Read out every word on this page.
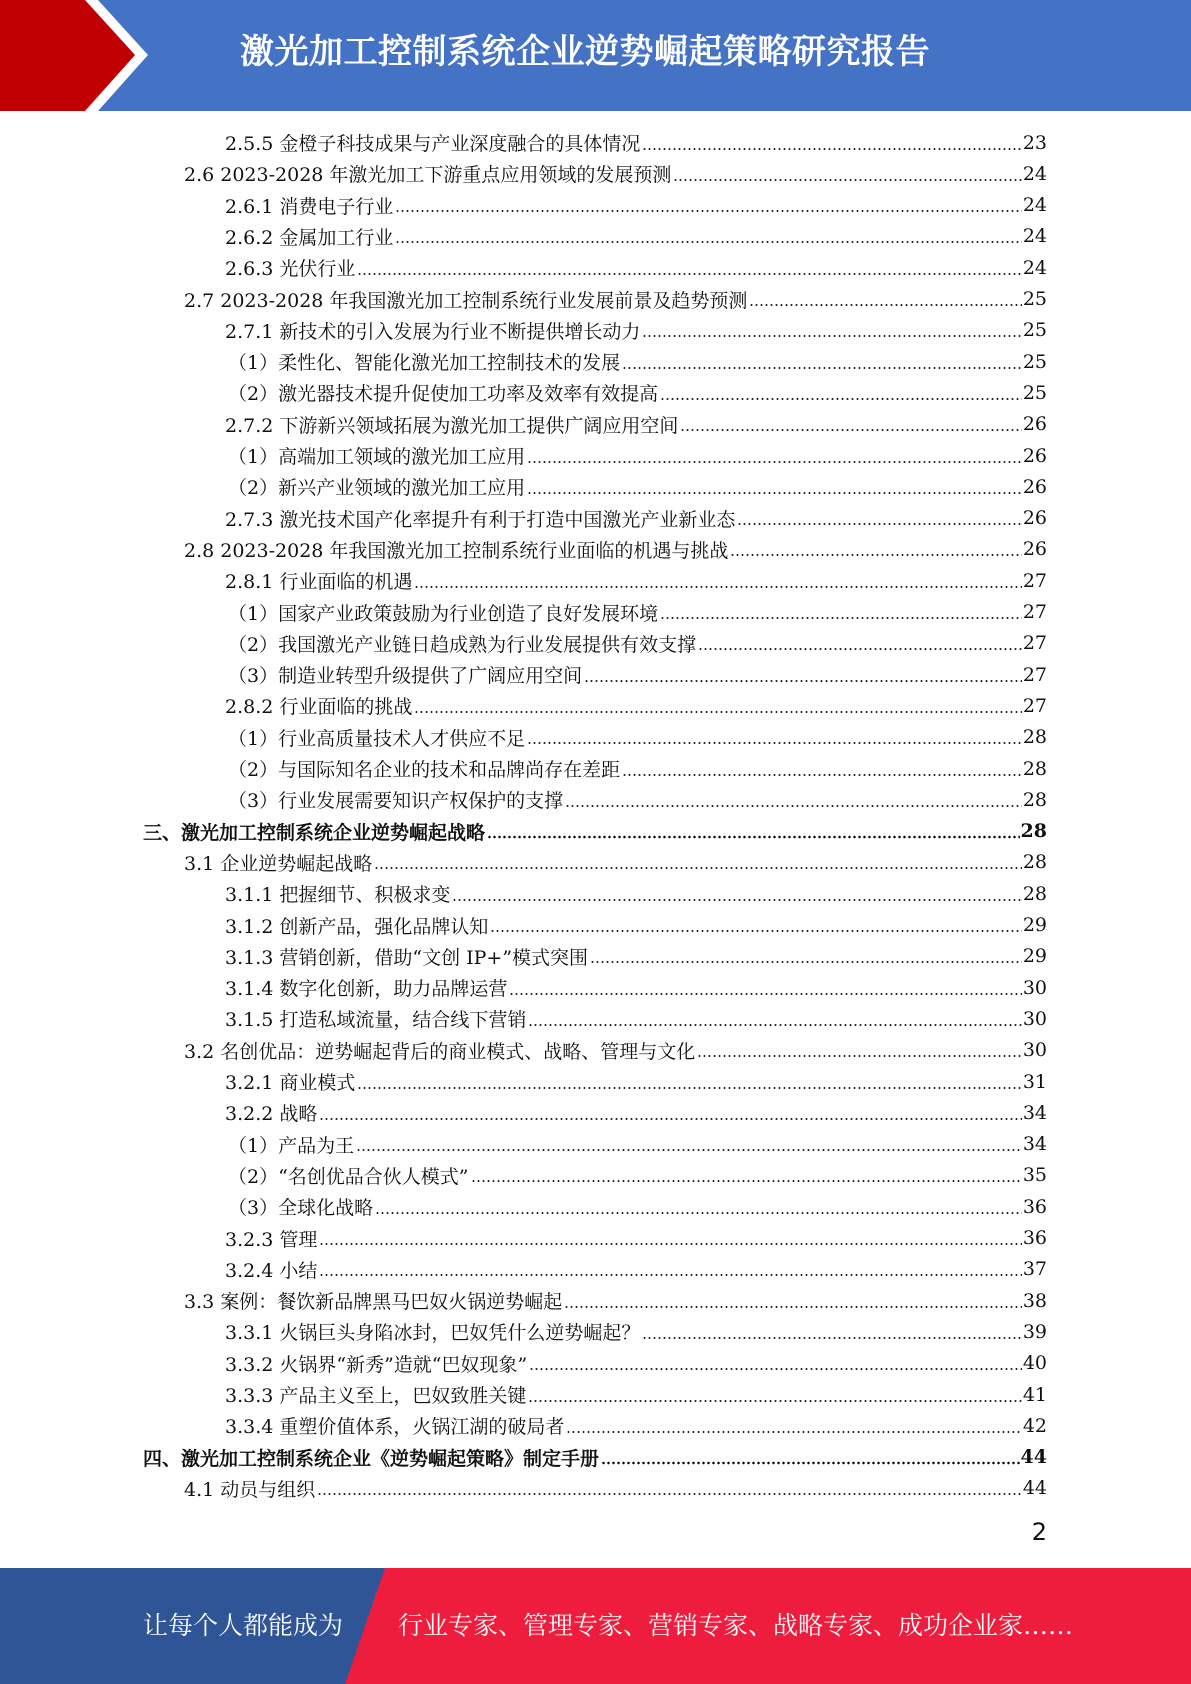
激光加工控制系统企业逆势崛起策略研究报告
2.5.5 金橙子科技成果与产业深度融合的具体情况	23
2.6 2023-2028 年激光加工下游重点应用领域的发展预测	24
2.6.1 消费电子行业	24
2.6.2 金属加工行业	24
2.6.3 光伏行业	24
2.7 2023-2028 年我国激光加工控制系统行业发展前景及趋势预测	25
2.7.1 新技术的引入发展为行业不断提供增长动力	25
（1）柔性化、智能化激光加工控制技术的发展	25
（2）激光器技术提升促使加工功率及效率有效提高	25
2.7.2 下游新兴领域拓展为激光加工提供广阔应用空间	26
（1）高端加工领域的激光加工应用	26
（2）新兴产业领域的激光加工应用	26
2.7.3 激光技术国产化率提升有利于打造中国激光产业新业态	26
2.8 2023-2028 年我国激光加工控制系统行业面临的机遇与挑战	26
2.8.1 行业面临的机遇	27
（1）国家产业政策鼓励为行业创造了良好发展环境	27
（2）我国激光产业链日趋成熟为行业发展提供有效支撑	27
（3）制造业转型升级提供了广阔应用空间	27
2.8.2 行业面临的挑战	27
（1）行业高质量技术人才供应不足	28
（2）与国际知名企业的技术和品牌尚存在差距	28
（3）行业发展需要知识产权保护的支撑	28
三、激光加工控制系统企业逆势崛起战略	28
3.1 企业逆势崛起战略	28
3.1.1 把握细节、积极求变	28
3.1.2 创新产品，强化品牌认知	29
3.1.3 营销创新，借助“文创 IP+”模式突围	29
3.1.4 数字化创新，助力品牌运营	30
3.1.5 打造私域流量，结合线下营销	30
3.2 名创优品：逆势崛起背后的商业模式、战略、管理与文化	30
3.2.1 商业模式	31
3.2.2 战略	34
（1）产品为王	34
（2）“名创优品合伙人模式”	35
（3）全球化战略	36
3.2.3 管理	36
3.2.4 小结	37
3.3 案例：餐饮新品牌黑马巴奴火锅逆势崛起	38
3.3.1 火锅巨头身陷冰封，巴奴凭什么逆势崛起？	39
3.3.2 火锅界“新秀”造就“巴奴现象”	40
3.3.3 产品主义至上，巴奴致胜关键	41
3.3.4 重塑价值体系，火锅江湖的破局者	42
四、激光加工控制系统企业《逆势崛起策略》制定手册	44
4.1 动员与组织	44
2
让每个人都能成为 行业专家、管理专家、营销专家、战略专家、成功企业家……
